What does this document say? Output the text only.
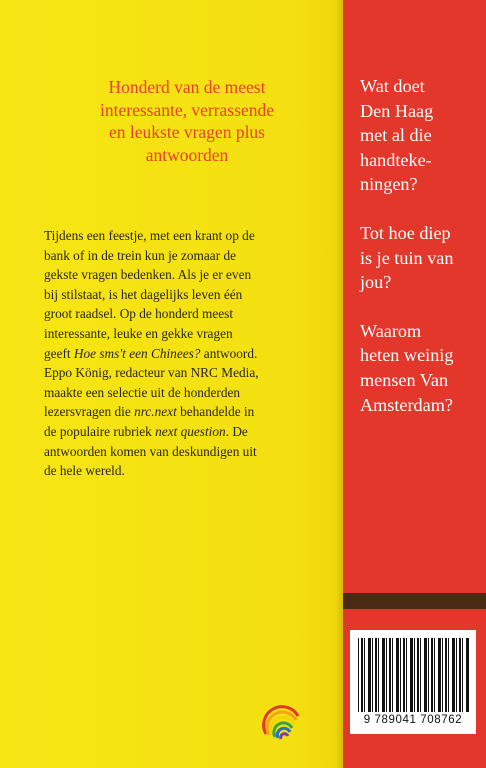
Honderd van de meest
interessante, verrassende
en leukste vragen plus
antwoorden
Tijdens een feestje, met een krant op de
bank of in de trein kun je zomaar de
gekste vragen bedenken. Als je er even
bij stilstaat, is het dagelijks leven één
groot raadsel. Op de honderd meest
interessante, leuke en gekke vragen
geeft Hoe sms't een Chinees? antwoord.
Eppo König, redacteur van NRC Media,
maakte een selectie uit de honderden
lezersvragen die nrc.next behandelde in
de populaire rubriek next question. De
antwoorden komen van deskundigen uit
de hele wereld.
Wat doet
Den Haag
met al die
handteke-
ningen?
Tot hoe diep
is je tuin van
jou?
Waarom
heten weinig
mensen Van
Amsterdam?
9 789041 708762
